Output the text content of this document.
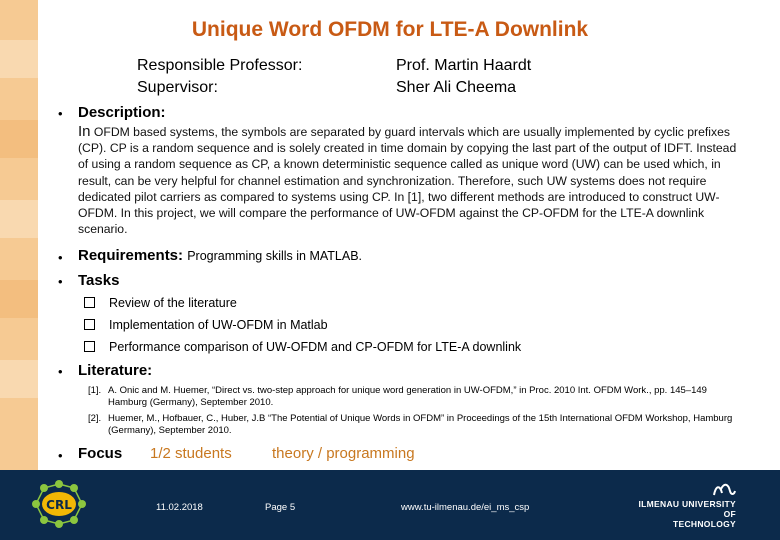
Unique Word OFDM for LTE-A Downlink
Responsible Professor:	Prof. Martin Haardt
Supervisor:	Sher Ali Cheema
• Description:
In OFDM based systems, the symbols are separated by guard intervals which are usually implemented by cyclic prefixes (CP). CP is a random sequence and is solely created in time domain by copying the last part of the output of IDFT. Instead of using a random sequence as CP, a known deterministic sequence called as unique word (UW) can be used which, in result, can be very helpful for channel estimation and synchronization. Therefore, such UW systems does not require dedicated pilot carriers as compared to systems using CP. In [1], two different methods are introduced to construct UW-OFDM. In this project, we will compare the performance of UW-OFDM against the CP-OFDM for the LTE-A downlink scenario.
• Requirements: Programming skills in MATLAB.
• Tasks
Review of the literature
Implementation of UW-OFDM in Matlab
Performance comparison of UW-OFDM and CP-OFDM for LTE-A downlink
• Literature:
[1]. A. Onic and M. Huemer, “Direct vs. two-step approach for unique word generation in UW-OFDM,” in Proc. 2010 Int. OFDM Work., pp. 145–149 Hamburg (Germany), September 2010.
[2]. Huemer, M., Hofbauer, C., Huber, J.B “The Potential of Unique Words in OFDM” in Proceedings of the 15th International OFDM Workshop, Hamburg (Germany), September 2010.
• Focus 1/2 students	theory / programming
CRL	11.02.2018	Page 5	www.tu-ilmenau.de/ei_ms_csp	ILMENAU UNIVERSITY OF
TECHNOLOGY
